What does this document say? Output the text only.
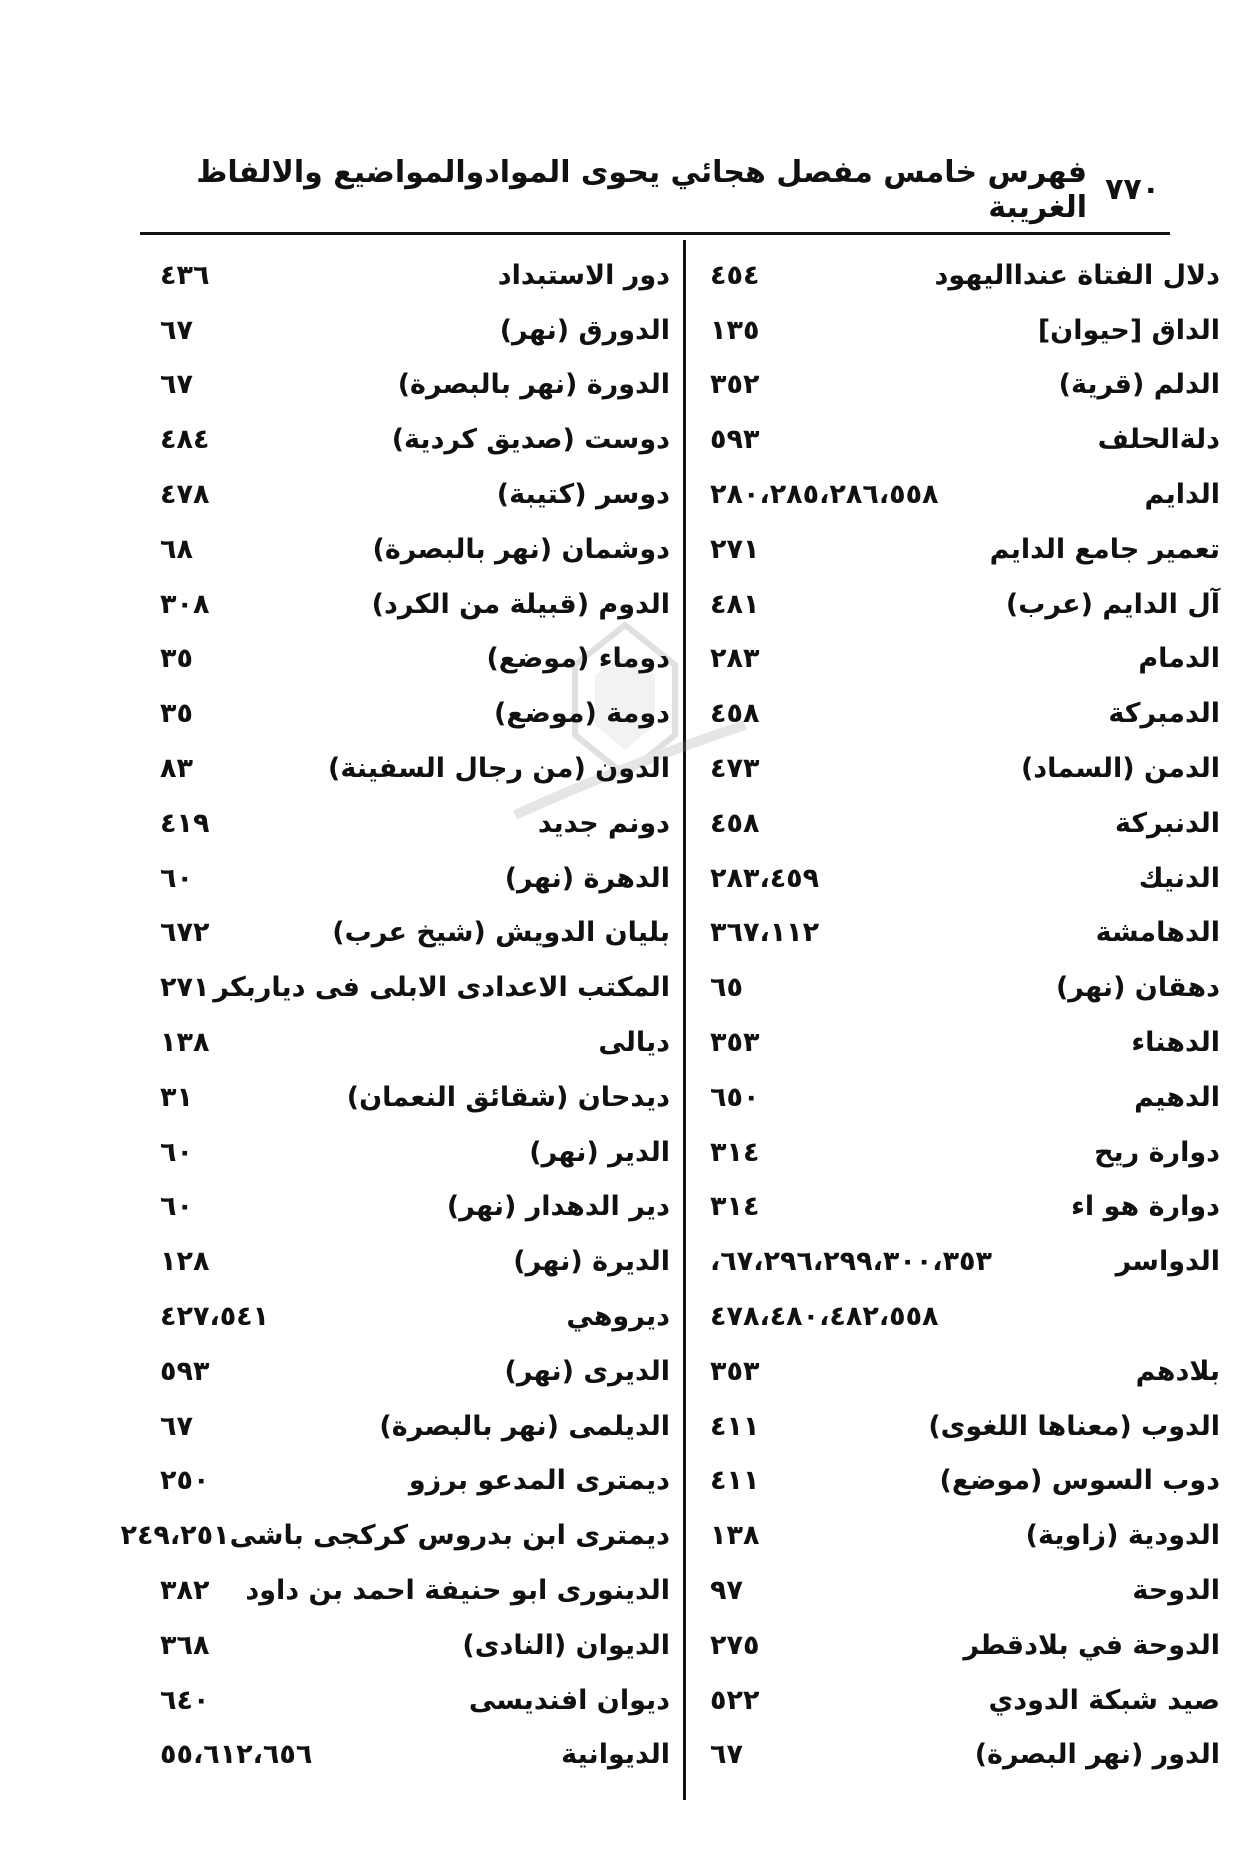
٧٧٠
فهرس خامس مفصل هجائي يحوى الموادوالمواضيع والالفاظ الغريبة
دلال الفتاة عندااليهود
٤٥٤
الداق [حيوان]
١٣٥
الدلم (قرية)
٣٥٢
دلةالحلف
٥٩٣
الدايم
٢٨٠،٢٨٥،٢٨٦،٥٥٨
تعمير جامع الدايم
٢٧١
آل الدايم (عرب)
٤٨١
الدمام
٢٨٣
الدمبركة
٤٥٨
الدمن (السماد)
٤٧٣
الدنبركة
٤٥٨
الدنيك
٢٨٣،٤٥٩
الدهامشة
٣٦٧،١١٢
دهقان (نهر)
٦٥
الدهناء
٣٥٣
الدهيم
٦٥٠
دوارة ريح
٣١٤
دوارة هو اء
٣١٤
الدواسر
٦٧،٢٩٦،٢٩٩،٣٠٠،٣٥٣،
٤٧٨،٤٨٠،٤٨٢،٥٥٨
بلادهم
٣٥٣
الدوب (معناها اللغوى)
٤١١
دوب السوس (موضع)
٤١١
الدودية (زاوية)
١٣٨
الدوحة
٩٧
الدوحة في بلادقطر
٢٧٥
صيد شبكة الدودي
٥٢٢
الدور (نهر البصرة)
٦٧
دور الاستبداد
٤٣٦
الدورق (نهر)
٦٧
الدورة (نهر بالبصرة)
٦٧
دوست (صديق كردية)
٤٨٤
دوسر (كتيبة)
٤٧٨
دوشمان (نهر بالبصرة)
٦٨
الدوم (قبيلة من الكرد)
٣٠٨
دوماء (موضع)
٣٥
دومة (موضع)
٣٥
الدون (من رجال السفينة)
٨٣
دونم جديد
٤١٩
الدهرة (نهر)
٦٠
بليان الدويش (شيخ عرب)
٦٧٢
المكتب الاعدادى الابلى فى دياربكر
٢٧١
ديالى
١٣٨
ديدحان (شقائق النعمان)
٣١
الدير (نهر)
٦٠
دير الدهدار (نهر)
٦٠
الديرة (نهر)
١٢٨
ديروهي
٤٢٧،٥٤١
الديرى (نهر)
٥٩٣
الديلمى (نهر بالبصرة)
٦٧
ديمترى المدعو برزو
٢٥٠
ديمترى ابن بدروس كركجى باشى
٢٤٩،٢٥١
الدينورى ابو حنيفة احمد بن داود
٣٨٢
الديوان (النادى)
٣٦٨
ديوان افنديسى
٦٤٠
الديوانية
٥٥،٦١٢،٦٥٦
